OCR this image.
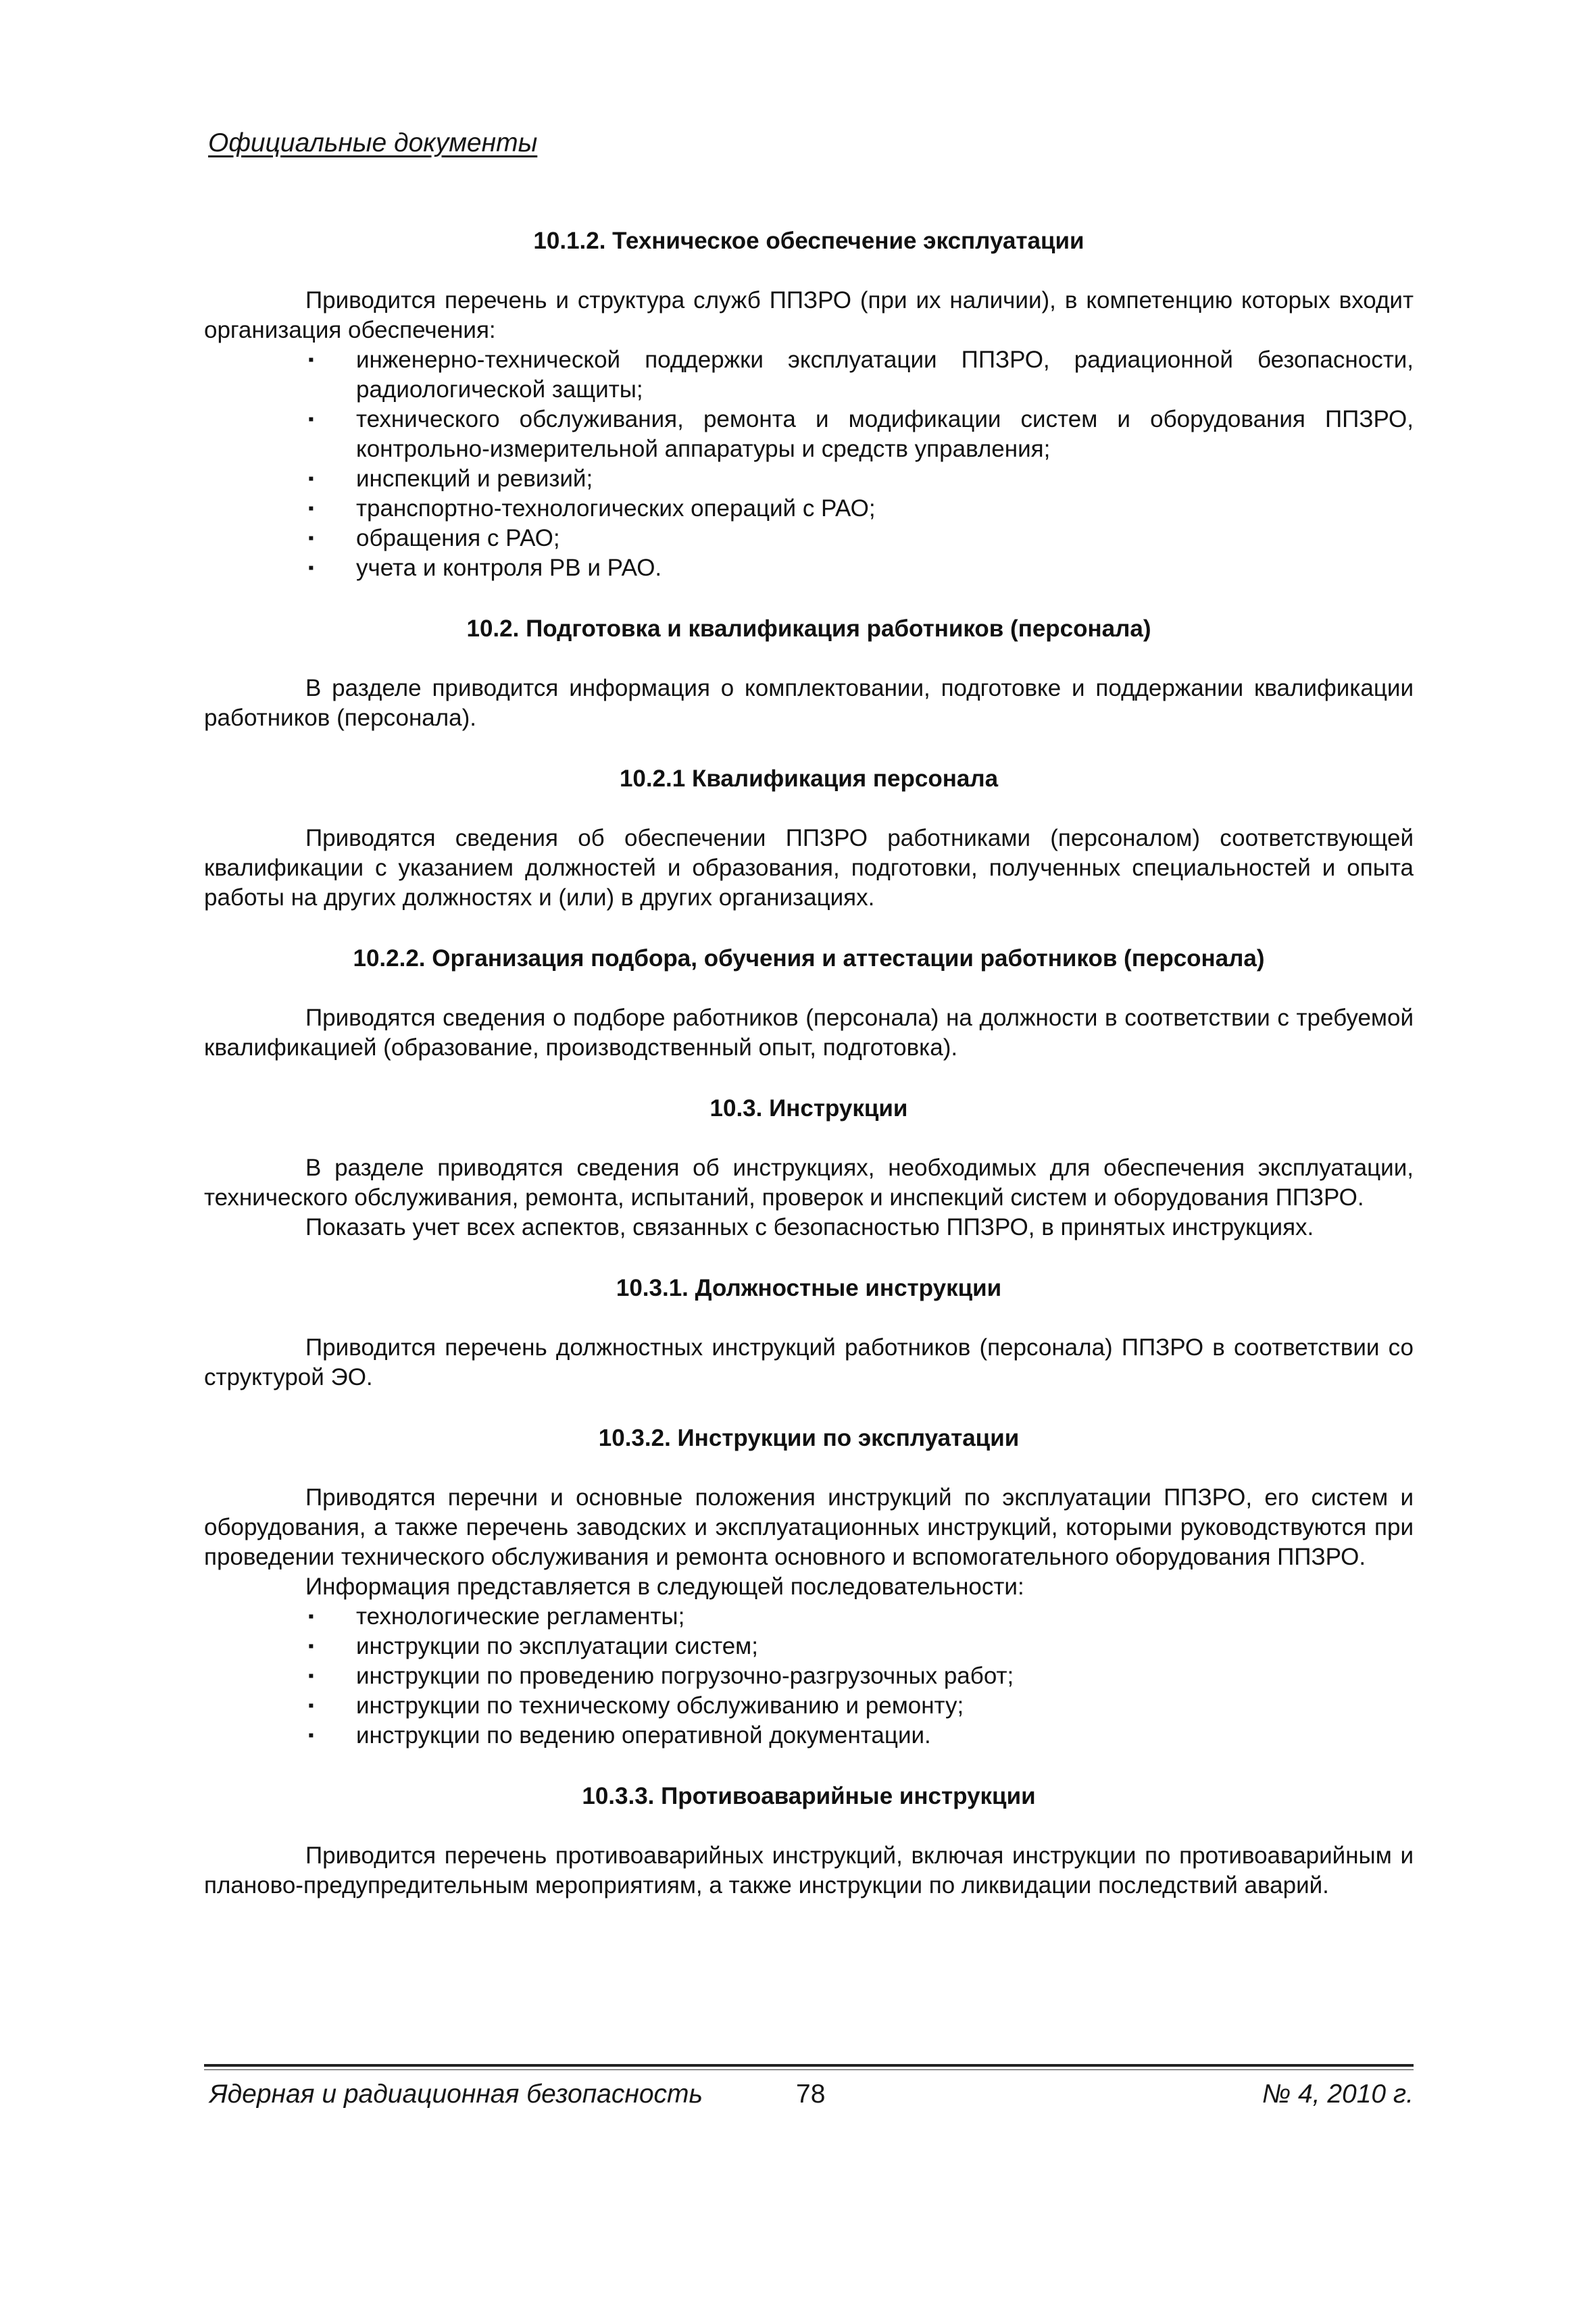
Официальные документы
10.1.2. Техническое обеспечение эксплуатации

Приводится перечень и структура служб ППЗРО (при их наличии), в компетенцию которых входит организация обеспечения:

▪ инженерно-технической поддержки эксплуатации ППЗРО, радиационной безопасности, радиологической защиты;
▪ технического обслуживания, ремонта и модификации систем и оборудования ППЗРО, контрольно-измерительной аппаратуры и средств управления;
▪ инспекций и ревизий;
▪ транспортно-технологических операций с РАО;
▪ обращения с РАО;
▪ учета и контроля РВ и РАО.
10.2. Подготовка и квалификация работников (персонала)

В разделе приводится информация о комплектовании, подготовке и поддержании квалификации работников (персонала).

10.2.1 Квалификация персонала

Приводятся сведения об обеспечении ППЗРО работниками (персоналом) соответствующей квалификации с указанием должностей и образования, подготовки, полученных специальностей и опыта работы на других должностях и (или) в других организациях.

10.2.2. Организация подбора, обучения и аттестации работников (персонала)

Приводятся сведения о подборе работников (персонала) на должности в соответствии с требуемой квалификацией (образование, производственный опыт, подготовка).

10.3. Инструкции

В разделе приводятся сведения об инструкциях, необходимых для обеспечения эксплуатации, технического обслуживания, ремонта, испытаний, проверок и инспекций систем и оборудования ППЗРО.

Показать учет всех аспектов, связанных с безопасностью ППЗРО, в принятых инструкциях.

10.3.1. Должностные инструкции

Приводится перечень должностных инструкций работников (персонала) ППЗРО в соответствии со структурой ЭО.

10.3.2. Инструкции по эксплуатации

Приводятся перечни и основные положения инструкций по эксплуатации ППЗРО, его систем и оборудования, а также перечень заводских и эксплуатационных инструкций, которыми руководствуются при проведении технического обслуживания и ремонта основного и вспомогательного оборудования ППЗРО.

Информация представляется в следующей последовательности:

▪ технологические регламенты;
▪ инструкции по эксплуатации систем;
▪ инструкции по проведению погрузочно-разгрузочных работ;
▪ инструкции по техническому обслуживанию и ремонту;
▪ инструкции по ведению оперативной документации.
10.3.3. Противоаварийные инструкции

Приводится перечень противоаварийных инструкций, включая инструкции по противоаварийным и планово-предупредительным мероприятиям, а также инструкции по ликвидации последствий аварий.

Ядерная и радиационная безопасность	78	№ 4, 2010 г.
